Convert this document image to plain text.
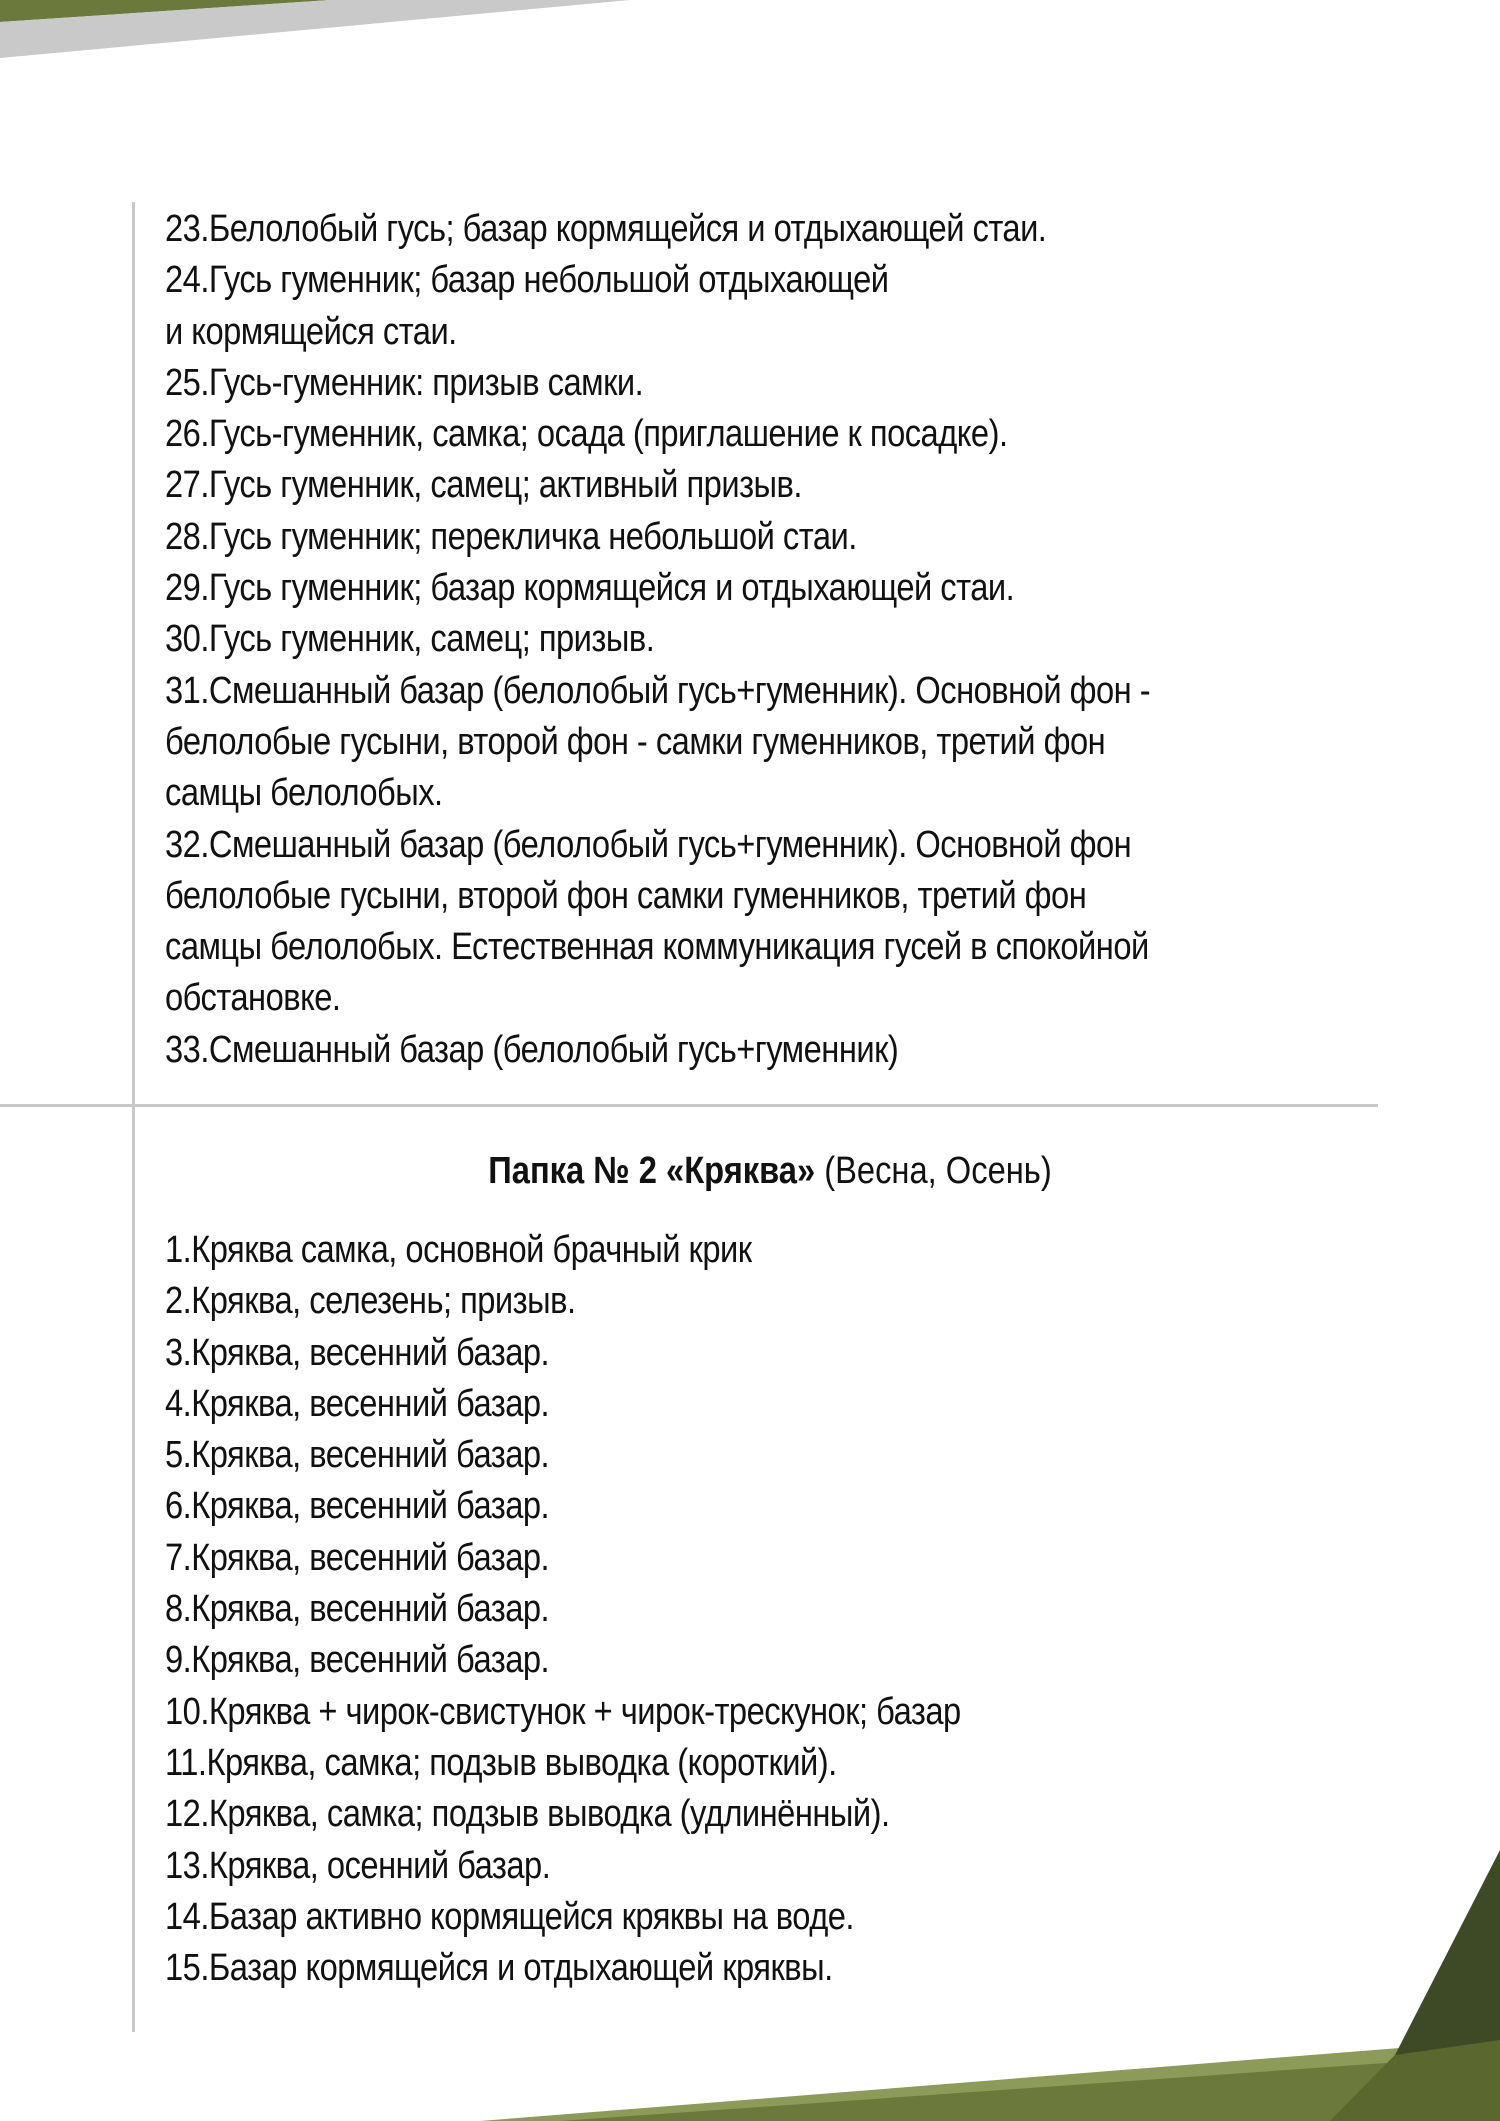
23.Белолобый гусь; базар кормящейся и отдыхающей стаи.
24.Гусь гуменник; базар небольшой отдыхающей
и кормящейся стаи.
25.Гусь-гуменник: призыв самки.
26.Гусь-гуменник, самка; осада (приглашение к посадке).
27.Гусь гуменник, самец; активный призыв.
28.Гусь гуменник; перекличка небольшой стаи.
29.Гусь гуменник; базар кормящейся и отдыхающей стаи.
30.Гусь гуменник, самец; призыв.
31.Смешанный базар (белолобый гусь+гуменник). Основной фон -
белолобые гусыни, второй фон - самки гуменников, третий фон
самцы белолобых.
32.Смешанный базар (белолобый гусь+гуменник). Основной фон
белолобые гусыни, второй фон самки гуменников, третий фон
самцы белолобых. Естественная коммуникация гусей в спокойной
обстановке.
33.Смешанный базар (белолобый гусь+гуменник)
Папка № 2 «Кряква» (Весна, Осень)
1.Кряква самка, основной брачный крик
2.Кряква, селезень; призыв.
3.Кряква, весенний базар.
4.Кряква, весенний базар.
5.Кряква, весенний базар.
6.Кряква, весенний базар.
7.Кряква, весенний базар.
8.Кряква, весенний базар.
9.Кряква, весенний базар.
10.Кряква + чирок-свистунок + чирок-трескунок; базар
11.Кряква, самка; подзыв выводка (короткий).
12.Кряква, самка; подзыв выводка (удлинённый).
13.Кряква, осенний базар.
14.Базар активно кормящейся кряквы на воде.
15.Базар кормящейся и отдыхающей кряквы.
